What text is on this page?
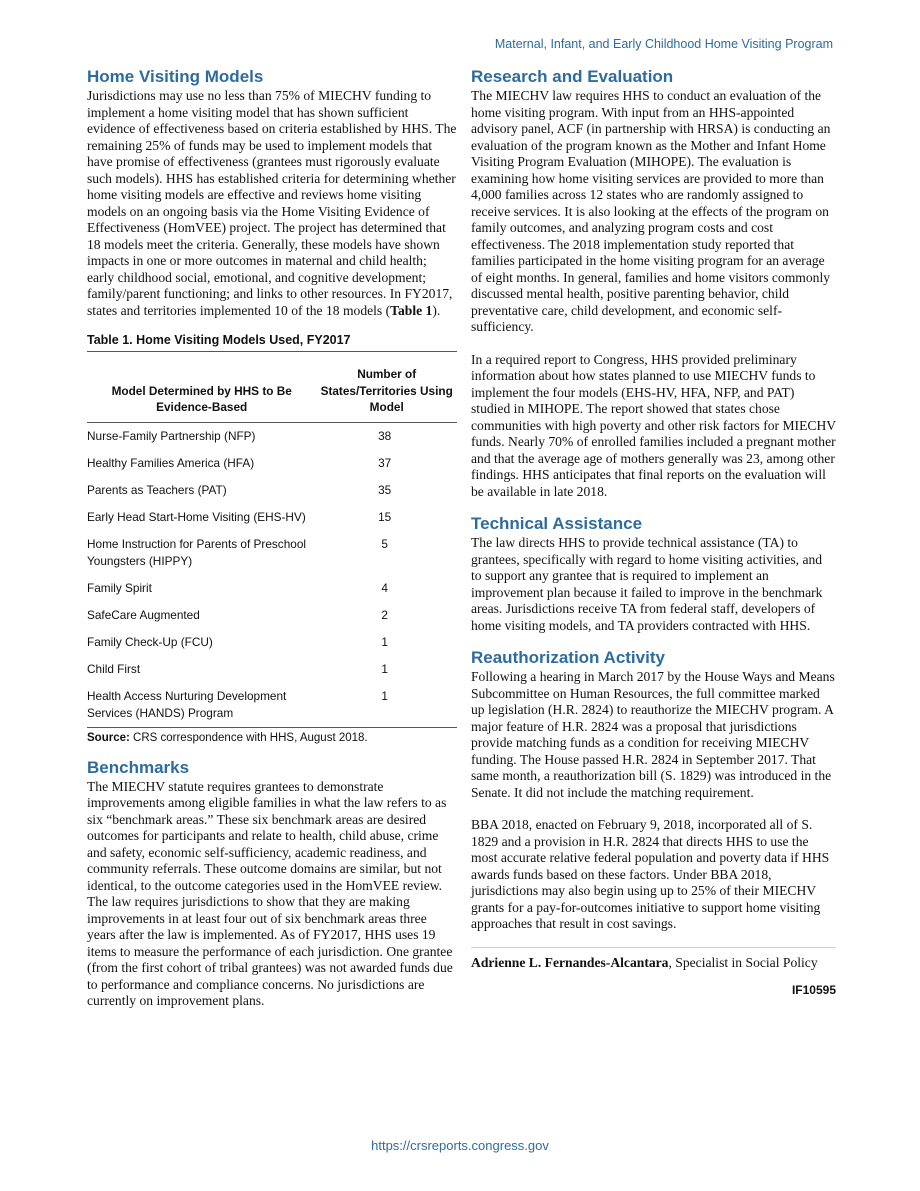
Maternal, Infant, and Early Childhood Home Visiting Program
Home Visiting Models

Jurisdictions may use no less than 75% of MIECHV funding to implement a home visiting model that has shown sufficient evidence of effectiveness based on criteria established by HHS. The remaining 25% of funds may be used to implement models that have promise of effectiveness (grantees must rigorously evaluate such models). HHS has established criteria for determining whether home visiting models are effective and reviews home visiting models on an ongoing basis via the Home Visiting Evidence of Effectiveness (HomVEE) project. The project has determined that 18 models meet the criteria. Generally, these models have shown impacts in one or more outcomes in maternal and child health; early childhood social, emotional, and cognitive development; family/parent functioning; and links to other resources. In FY2017, states and territories implemented 10 of the 18 models (Table 1).

Table 1. Home Visiting Models Used, FY2017
Model Determined by HHS to Be Evidence-Based	Number of States/Territories Using Model
Nurse-Family Partnership (NFP)	38
Healthy Families America (HFA)	37
Parents as Teachers (PAT)	35
Early Head Start-Home Visiting (EHS-HV)	15
Home Instruction for Parents of Preschool Youngsters (HIPPY)	5
Family Spirit	4
SafeCare Augmented	2
Family Check-Up (FCU)	1
Child First	1
Health Access Nurturing Development Services (HANDS) Program	1
Source: CRS correspondence with HHS, August 2018.
Benchmarks

The MIECHV statute requires grantees to demonstrate improvements among eligible families in what the law refers to as six “benchmark areas.” These six benchmark areas are desired outcomes for participants and relate to health, child abuse, crime and safety, economic self-sufficiency, academic readiness, and community referrals. These outcome domains are similar, but not identical, to the outcome categories used in the HomVEE review. The law requires jurisdictions to show that they are making improvements in at least four out of six benchmark areas three years after the law is implemented. As of FY2017, HHS uses 19 items to measure the performance of each jurisdiction. One grantee (from the first cohort of tribal grantees) was not awarded funds due to performance and compliance concerns. No jurisdictions are currently on improvement plans.

Research and Evaluation

The MIECHV law requires HHS to conduct an evaluation of the home visiting program. With input from an HHS-appointed advisory panel, ACF (in partnership with HRSA) is conducting an evaluation of the program known as the Mother and Infant Home Visiting Program Evaluation (MIHOPE). The evaluation is examining how home visiting services are provided to more than 4,000 families across 12 states who are randomly assigned to receive services. It is also looking at the effects of the program on family outcomes, and analyzing program costs and cost effectiveness. The 2018 implementation study reported that families participated in the home visiting program for an average of eight months. In general, families and home visitors commonly discussed mental health, positive parenting behavior, child preventative care, child development, and economic self-sufficiency.

In a required report to Congress, HHS provided preliminary information about how states planned to use MIECHV funds to implement the four models (EHS-HV, HFA, NFP, and PAT) studied in MIHOPE. The report showed that states chose communities with high poverty and other risk factors for MIECHV funds. Nearly 70% of enrolled families included a pregnant mother and that the average age of mothers generally was 23, among other findings. HHS anticipates that final reports on the evaluation will be available in late 2018.

Technical Assistance

The law directs HHS to provide technical assistance (TA) to grantees, specifically with regard to home visiting activities, and to support any grantee that is required to implement an improvement plan because it failed to improve in the benchmark areas. Jurisdictions receive TA from federal staff, developers of home visiting models, and TA providers contracted with HHS.

Reauthorization Activity

Following a hearing in March 2017 by the House Ways and Means Subcommittee on Human Resources, the full committee marked up legislation (H.R. 2824) to reauthorize the MIECHV program. A major feature of H.R. 2824 was a proposal that jurisdictions provide matching funds as a condition for receiving MIECHV funding. The House passed H.R. 2824 in September 2017. That same month, a reauthorization bill (S. 1829) was introduced in the Senate. It did not include the matching requirement.

BBA 2018, enacted on February 9, 2018, incorporated all of S. 1829 and a provision in H.R. 2824 that directs HHS to use the most accurate relative federal population and poverty data if HHS awards funds based on these factors. Under BBA 2018, jurisdictions may also begin using up to 25% of their MIECHV grants for a pay-for-outcomes initiative to support home visiting approaches that result in cost savings.

Adrienne L. Fernandes-Alcantara, Specialist in Social Policy

IF10595
https://crsreports.congress.gov
